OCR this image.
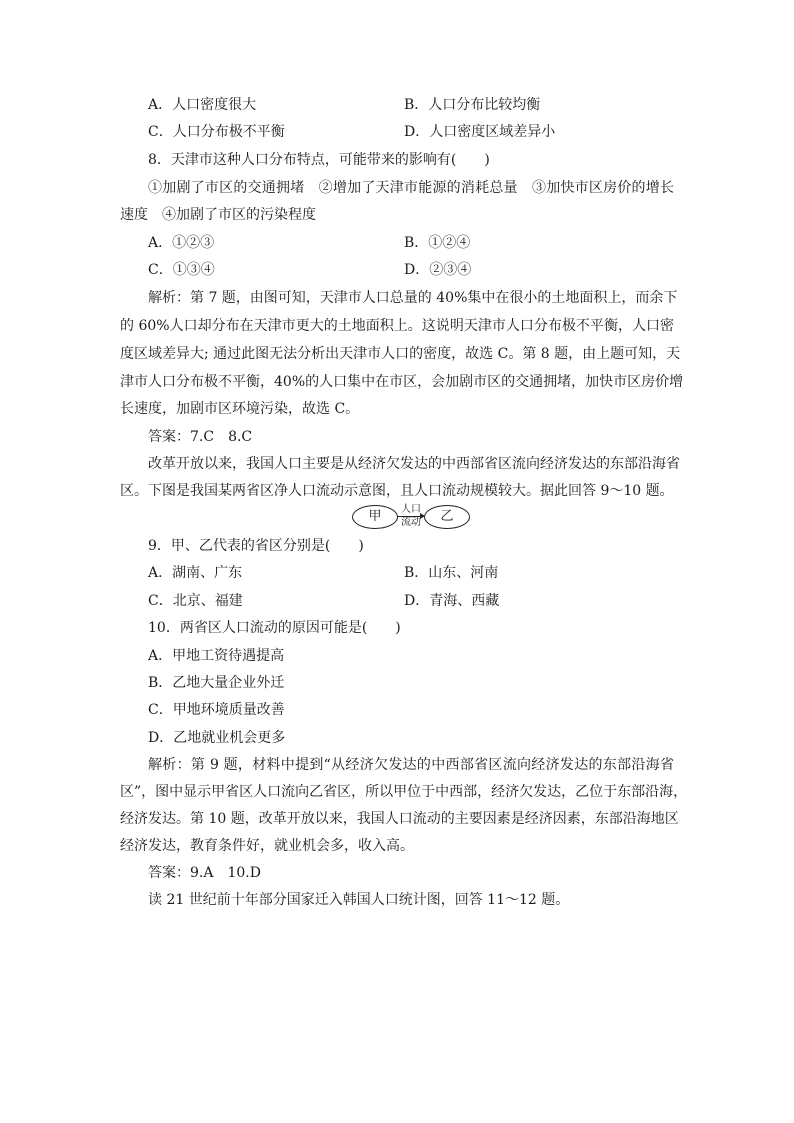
A．人口密度很大	B．人口分布比较均衡
C．人口分布极不平衡	D．人口密度区域差异小
8．天津市这种人口分布特点，可能带来的影响有(　　)
①加剧了市区的交通拥堵　②增加了天津市能源的消耗总量　③加快市区房价的增长
速度　④加剧了市区的污染程度
A．①②③	B．①②④
C．①③④	D．②③④
解析：第 7 题，由图可知，天津市人口总量的 40%集中在很小的土地面积上，而余下
的 60%人口却分布在天津市更大的土地面积上。这说明天津市人口分布极不平衡，人口密
度区域差异大; 通过此图无法分析出天津市人口的密度，故选 C。第 8 题，由上题可知，天
津市人口分布极不平衡，40%的人口集中在市区，会加剧市区的交通拥堵，加快市区房价增
长速度，加剧市区环境污染，故选 C。
答案：7.C　8.C
改革开放以来，我国人口主要是从经济欠发达的中西部省区流向经济发达的东部沿海省
区。下图是我国某两省区净人口流动示意图，且人口流动规模较大。据此回答 9～10 题。
甲	人口
流动	乙
9．甲、乙代表的省区分别是(　　)
A．湖南、广东	B．山东、河南
C．北京、福建	D．青海、西藏
10．两省区人口流动的原因可能是(　　)
A．甲地工资待遇提高
B．乙地大量企业外迁
C．甲地环境质量改善
D．乙地就业机会更多
解析：第 9 题，材料中提到“从经济欠发达的中西部省区流向经济发达的东部沿海省
区”，图中显示甲省区人口流向乙省区，所以甲位于中西部，经济欠发达，乙位于东部沿海，
经济发达。第 10 题，改革开放以来，我国人口流动的主要因素是经济因素，东部沿海地区
经济发达，教育条件好，就业机会多，收入高。
答案：9.A　10.D
读 21 世纪前十年部分国家迁入韩国人口统计图，回答 11～12 题。
